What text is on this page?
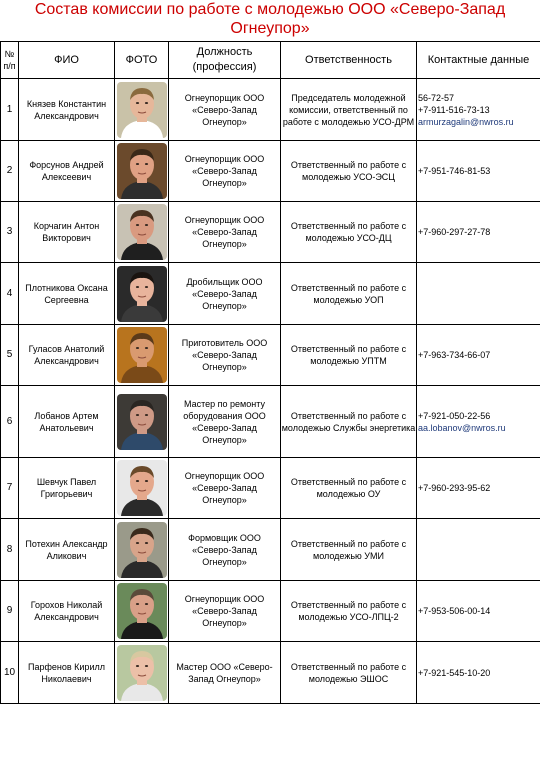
Состав комиссии по работе с молодежью ООО «Северо-Запад Огнеупор»
№ п/п	ФИО	ФОТО	Должность (профессия)	Ответственность	Контактные данные
1	Князев Константин Александрович		Огнеупорщик ООО «Северо-Запад Огнеупор»	Председатель молодежной комиссии, ответственный по работе с молодежью УСО-ДРМ	56-72-57
+7-911-516-73-13
armurzagalin@nwros.ru

2	Форсунов Андрей Алексеевич		Огнеупорщик ООО «Северо-Запад Огнеупор»	Ответственный по работе с молодежью УСО-ЭСЦ	+7-951-746-81-53

3	Корчагин Антон Викторович		Огнеупорщик ООО «Северо-Запад Огнеупор»	Ответственный по работе с молодежью УСО-ДЦ	+7-960-297-27-78

4	Плотникова Оксана Сергеевна		Дробильщик ООО «Северо-Запад Огнеупор»	Ответственный по работе с молодежью УОП	
5	Гуласов Анатолий Александрович		Приготовитель ООО «Северо-Запад Огнеупор»	Ответственный по работе с молодежью УПТМ	+7-963-734-66-07

6	Лобанов Артем Анатольевич		Мастер по ремонту оборудования ООО «Северо-Запад Огнеупор»	Ответственный по работе с молодежью Службы энергетика	+7-921-050-22-56
aa.lobanov@nwros.ru

7	Шевчук Павел Григорьевич		Огнеупорщик ООО «Северо-Запад Огнеупор»	Ответственный по работе с молодежью ОУ	+7-960-293-95-62

8	Потехин Александр Аликович		Формовщик ООО «Северо-Запад Огнеупор»	Ответственный по работе с молодежью УМИ	
9	Горохов Николай Александрович		Огнеупорщик ООО «Северо-Запад Огнеупор»	Ответственный по работе с молодежью УСО-ЛПЦ-2	+7-953-506-00-14

10	Парфенов Кирилл Николаевич		Мастер ООО «Северо-Запад Огнеупор»	Ответственный по работе с молодежью ЭШОС	+7-921-545-10-20
